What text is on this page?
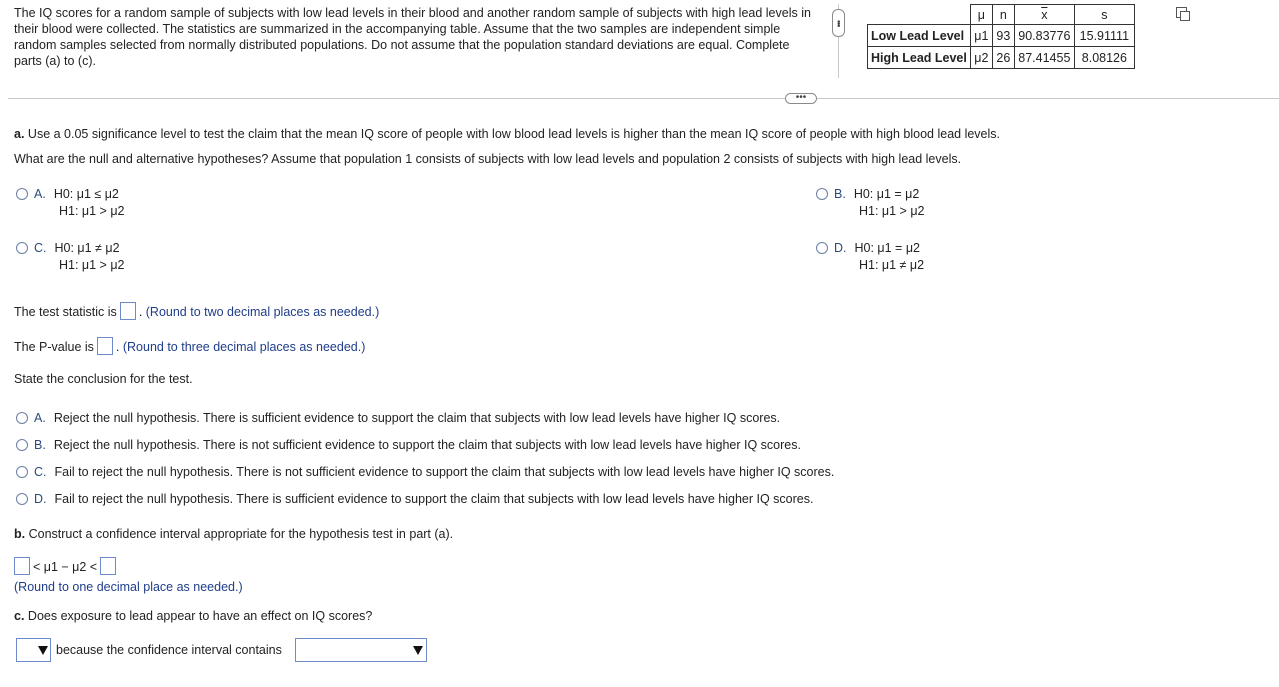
The IQ scores for a random sample of subjects with low lead levels in their blood and another random sample of subjects with high lead levels in their blood were collected. The statistics are summarized in the accompanying table. Assume that the two samples are independent simple random samples selected from normally distributed populations. Do not assume that the population standard deviations are equal. Complete parts (a) to (c).
•••
	μ	n	$\overline{x}$	s
Low Lead Level	μ1	93	90.83776	15.91111
High Lead Level	μ2	26	87.41455	8.08126
•••
a. Use a 0.05 significance level to test the claim that the mean IQ score of people with low blood lead levels is higher than the mean IQ score of people with high blood lead levels.
What are the null and alternative hypotheses? Assume that population 1 consists of subjects with low lead levels and population 2 consists of subjects with high lead levels.
A. H0: μ1 ≤ μ2
H1: μ1 > μ2
B. H0: μ1 = μ2
H1: μ1 > μ2
C. H0: μ1 ≠ μ2
H1: μ1 > μ2
D. H0: μ1 = μ2
H1: μ1 ≠ μ2
The test statistic is . (Round to two decimal places as needed.)
The P-value is . (Round to three decimal places as needed.)
State the conclusion for the test.
A. Reject the null hypothesis. There is sufficient evidence to support the claim that subjects with low lead levels have higher IQ scores.
B. Reject the null hypothesis. There is not sufficient evidence to support the claim that subjects with low lead levels have higher IQ scores.
C. Fail to reject the null hypothesis. There is not sufficient evidence to support the claim that subjects with low lead levels have higher IQ scores.
D. Fail to reject the null hypothesis. There is sufficient evidence to support the claim that subjects with low lead levels have higher IQ scores.
b. Construct a confidence interval appropriate for the hypothesis test in part (a).
< μ1 − μ2 <
(Round to one decimal place as needed.)
c. Does exposure to lead appear to have an effect on IQ scores?
because the confidence interval contains
